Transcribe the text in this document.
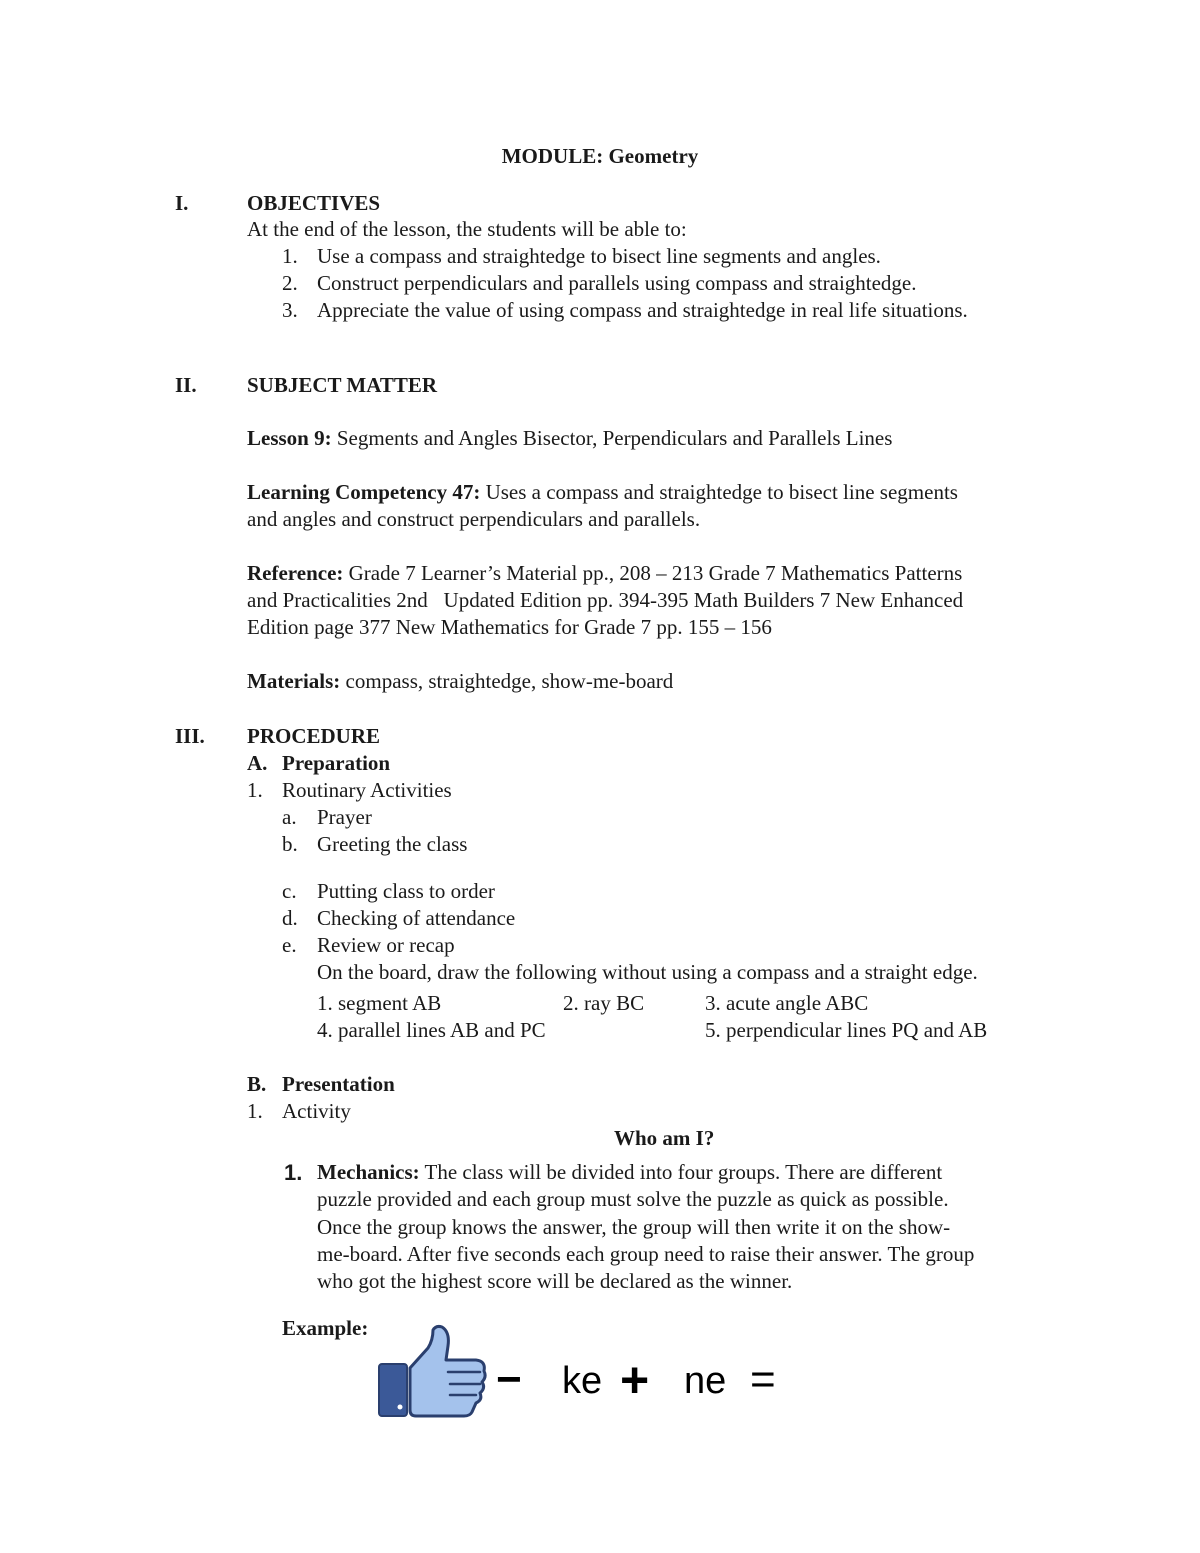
MODULE: Geometry
I.	OBJECTIVES
At the end of the lesson, the students will be able to:
1. Use a compass and straightedge to bisect line segments and angles.
2. Construct perpendiculars and parallels using compass and straightedge.
3. Appreciate the value of using compass and straightedge in real life situations.
II. SUBJECT MATTER
Lesson 9: Segments and Angles Bisector, Perpendiculars and Parallels Lines
Learning Competency 47: Uses a compass and straightedge to bisect line segments
and angles and construct perpendiculars and parallels.
Reference: Grade 7 Learner’s Material pp., 208 – 213 Grade 7 Mathematics Patterns
and Practicalities 2nd   Updated Edition pp. 394-395 Math Builders 7 New Enhanced
Edition page 377 New Mathematics for Grade 7 pp. 155 – 156
Materials: compass, straightedge, show-me-board
III. PROCEDURE
A. Preparation
1. Routinary Activities
a. Prayer
b. Greeting the class
c. Putting class to order
d. Checking of attendance
e. Review or recap
On the board, draw the following without using a compass and a straight edge.
1. segment AB	2. ray BC	3. acute angle ABC
4. parallel lines AB and PC	5. perpendicular lines PQ and AB
B. Presentation
1. Activity
Who am I?
1. Mechanics: The class will be divided into four groups. There are different
puzzle provided and each group must solve the puzzle as quick as possible.
Once the group knows the answer, the group will then write it on the show-
me-board. After five seconds each group need to raise their answer. The group
who got the highest score will be declared as the winner.
Example:
− ke + ne =
